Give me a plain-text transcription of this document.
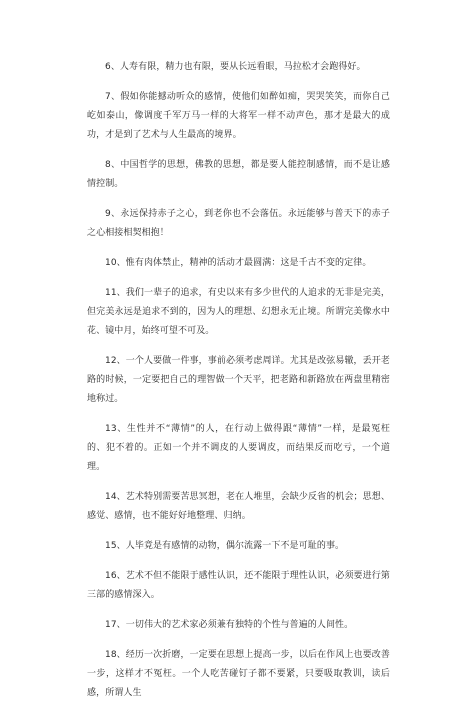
6、人寿有限，精力也有限，要从长远看眼，马拉松才会跑得好。

7、假如你能撼动听众的感情，使他们如醉如痴，哭哭笑笑，而你自己屹如泰山，像调度千军万马一样的大将军一样不动声色，那才是最大的成功，才是到了艺术与人生最高的境界。

8、中国哲学的思想，佛教的思想，都是要人能控制感情，而不是让感情控制。

9、永远保持赤子之心，到老你也不会落伍。永远能够与普天下的赤子之心相接相契相抱！

10、惟有肉体禁止，精神的活动才最圆满：这是千古不变的定律。

11、我们一辈子的追求，有史以来有多少世代的人追求的无非是完美，但完美永远是追求不到的，因为人的理想、幻想永无止境。所谓完美像水中花、镜中月，始终可望不可及。

12、一个人要做一件事，事前必须考虑周详。尤其是改弦易辙，丢开老路的时候，一定要把自己的理智做一个天平，把老路和新路放在两盘里精密地称过。

13、生性并不“薄情”的人，在行动上做得跟“薄情”一样，是最冤枉的、犯不着的。正如一个并不调皮的人要调皮，而结果反而吃亏，一个道理。

14、艺术特别需要苦思冥想，老在人堆里，会缺少反省的机会；思想、感觉、感情，也不能好好地整理、归纳。

15、人毕竟是有感情的动物，偶尔流露一下不是可耻的事。

16、艺术不但不能限于感性认识，还不能限于理性认识，必须要进行第三部的感情深入。

17、一切伟大的艺术家必须兼有独特的个性与普遍的人间性。

18、经历一次折磨，一定要在思想上提高一步，以后在作风上也要改善一步，这样才不冤枉。一个人吃苦碰钉子都不要紧，只要吸取教训，读后感，所谓人生
